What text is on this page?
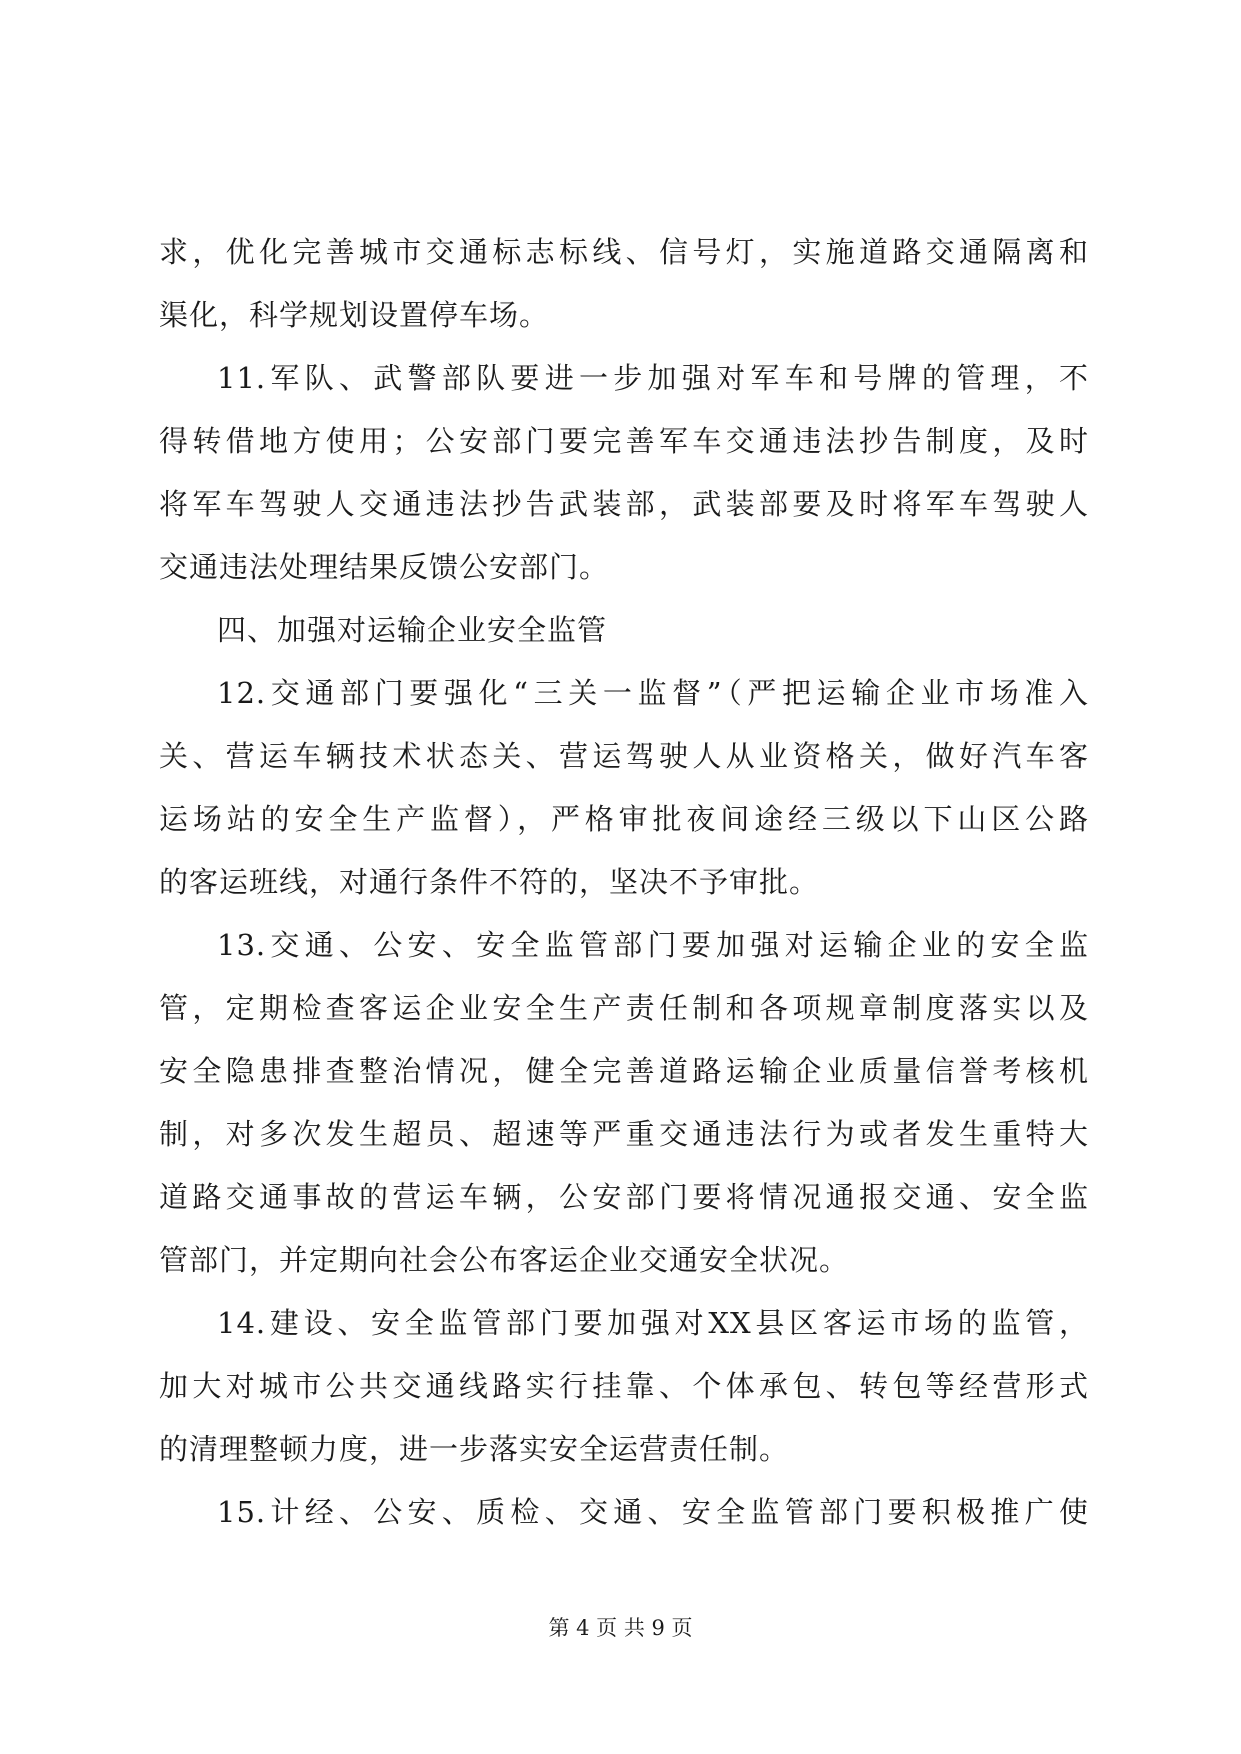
求，优化完善城市交通标志标线、信号灯，实施道路交通隔离和
渠化，科学规划设置停车场。
11.军队、武警部队要进一步加强对军车和号牌的管理，不
得转借地方使用；公安部门要完善军车交通违法抄告制度，及时
将军车驾驶人交通违法抄告武装部，武装部要及时将军车驾驶人
交通违法处理结果反馈公安部门。
四、加强对运输企业安全监管
12.交通部门要强化“三关一监督”（严把运输企业市场准入
关、营运车辆技术状态关、营运驾驶人从业资格关，做好汽车客
运场站的安全生产监督），严格审批夜间途经三级以下山区公路
的客运班线，对通行条件不符的，坚决不予审批。
13.交通、公安、安全监管部门要加强对运输企业的安全监
管，定期检查客运企业安全生产责任制和各项规章制度落实以及
安全隐患排查整治情况，健全完善道路运输企业质量信誉考核机
制，对多次发生超员、超速等严重交通违法行为或者发生重特大
道路交通事故的营运车辆，公安部门要将情况通报交通、安全监
管部门，并定期向社会公布客运企业交通安全状况。
14.建设、安全监管部门要加强对XX县区客运市场的监管，
加大对城市公共交通线路实行挂靠、个体承包、转包等经营形式
的清理整顿力度，进一步落实安全运营责任制。
15.计经、公安、质检、交通、安全监管部门要积极推广使
第 4 页 共 9 页
